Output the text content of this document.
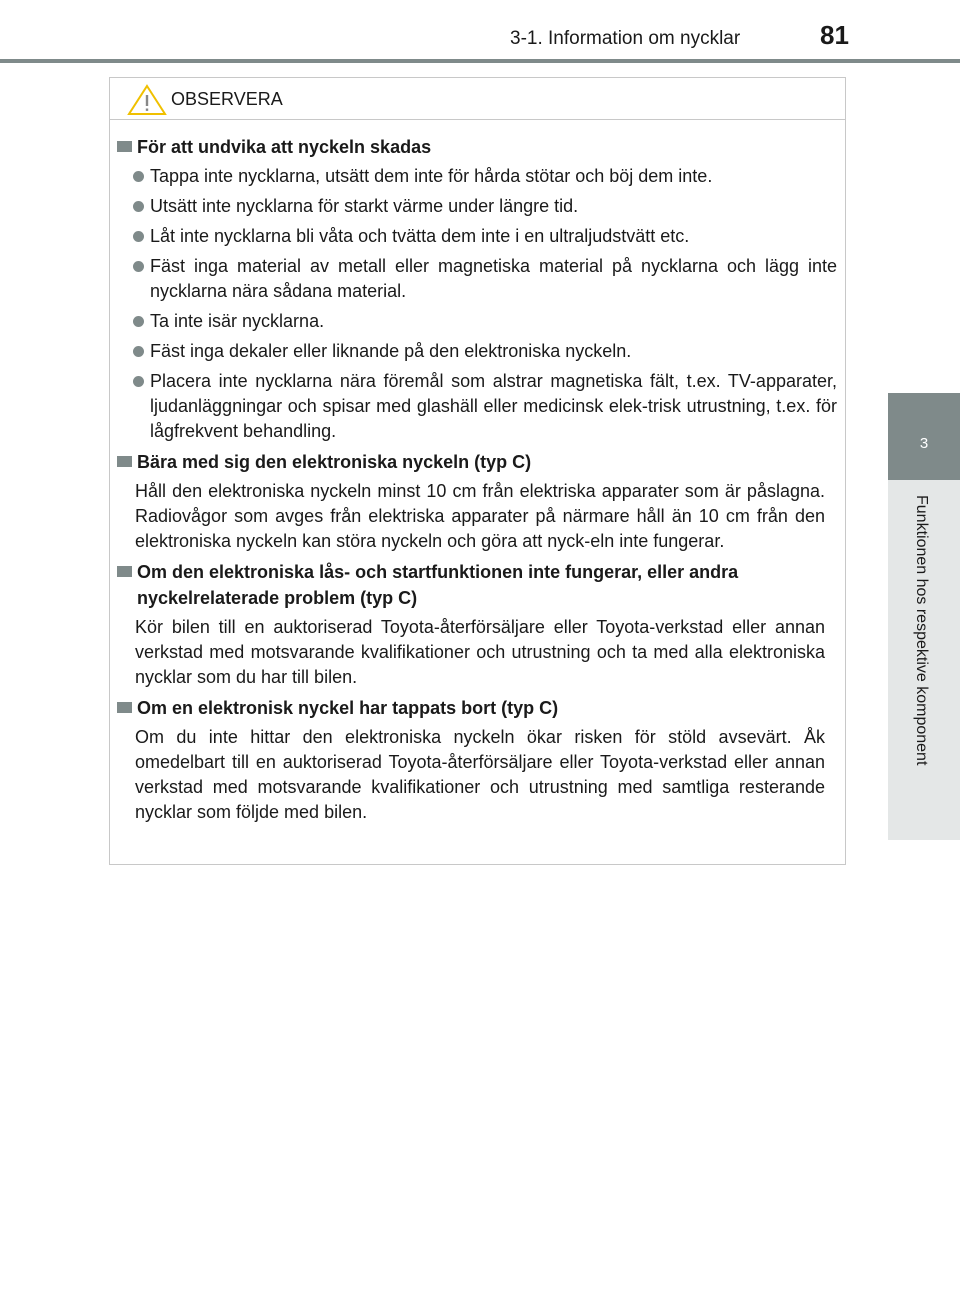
3-1. Information om nycklar	81
3
Funktionen hos respektive komponent
OBSERVERA
För att undvika att nyckeln skadas
Tappa inte nycklarna, utsätt dem inte för hårda stötar och böj dem inte.
Utsätt inte nycklarna för starkt värme under längre tid.
Låt inte nycklarna bli våta och tvätta dem inte i en ultraljudstvätt etc.
Fäst inga material av metall eller magnetiska material på nycklarna och lägg inte nycklarna nära sådana material.
Ta inte isär nycklarna.
Fäst inga dekaler eller liknande på den elektroniska nyckeln.
Placera inte nycklarna nära föremål som alstrar magnetiska fält, t.ex. TV-apparater, ljudanläggningar och spisar med glashäll eller medicinsk elek-trisk utrustning, t.ex. för lågfrekvent behandling.
Bära med sig den elektroniska nyckeln (typ C)
Håll den elektroniska nyckeln minst 10 cm från elektriska apparater som är påslagna. Radiovågor som avges från elektriska apparater på närmare håll än 10 cm från den elektroniska nyckeln kan störa nyckeln och göra att nyck-eln inte fungerar.
Om den elektroniska lås- och startfunktionen inte fungerar, eller andra nyckelrelaterade problem (typ C)
Kör bilen till en auktoriserad Toyota-återförsäljare eller Toyota-verkstad eller annan verkstad med motsvarande kvalifikationer och utrustning och ta med alla elektroniska nycklar som du har till bilen.
Om en elektronisk nyckel har tappats bort (typ C)
Om du inte hittar den elektroniska nyckeln ökar risken för stöld avsevärt. Åk omedelbart till en auktoriserad Toyota-återförsäljare eller Toyota-verkstad eller annan verkstad med motsvarande kvalifikationer och utrustning med samtliga resterande nycklar som följde med bilen.
